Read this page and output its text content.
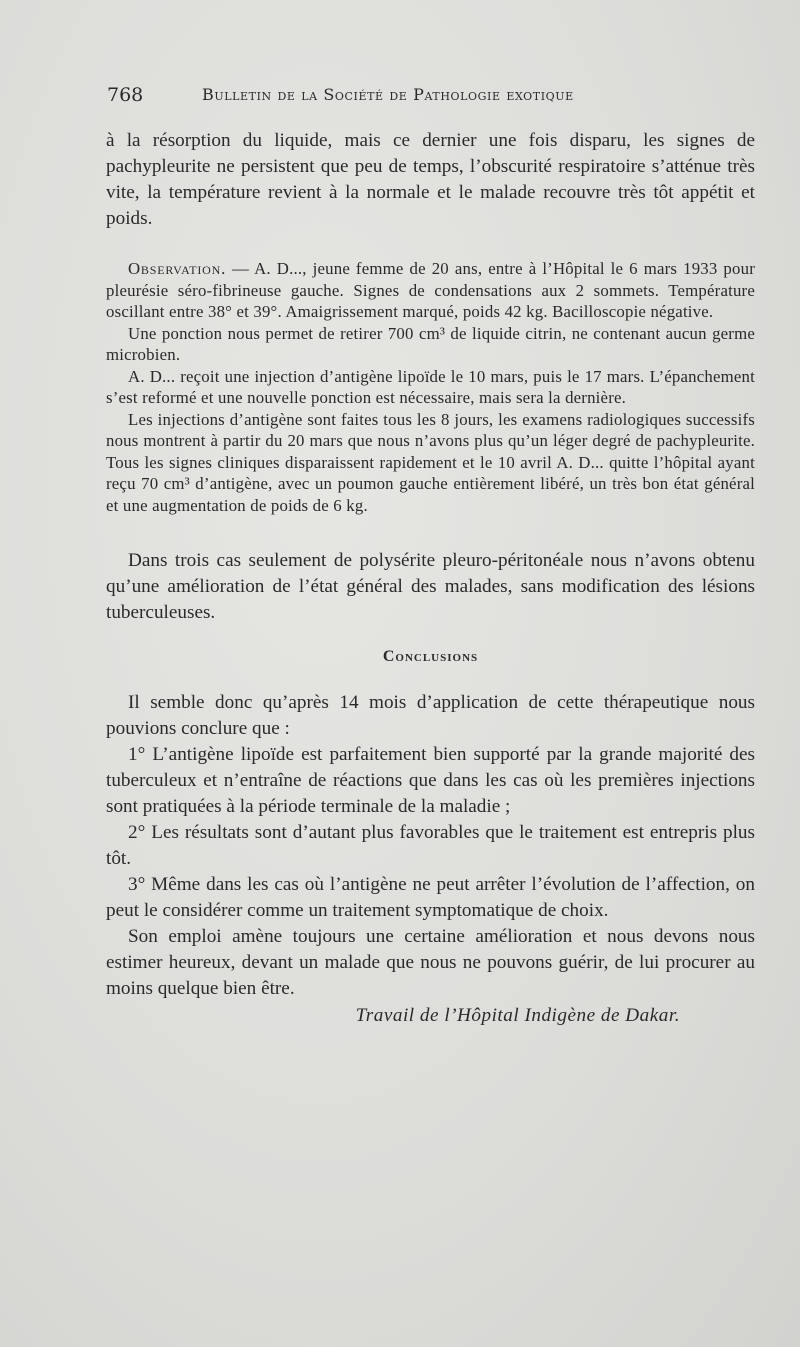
768	Bulletin de la Société de Pathologie exotique

à la résorption du liquide, mais ce dernier une fois disparu, les signes de pachypleurite ne persistent que peu de temps, l’obscurité respiratoire s’atténue très vite, la température revient à la normale et le malade recouvre très tôt appétit et poids.

Observation. — A. D..., jeune femme de 20 ans, entre à l’Hôpital le 6 mars 1933 pour pleurésie séro-fibrineuse gauche. Signes de condensations aux 2 sommets. Température oscillant entre 38° et 39°. Amaigrissement marqué, poids 42 kg. Bacilloscopie négative.

Une ponction nous permet de retirer 700 cm³ de liquide citrin, ne contenant aucun germe microbien.

A. D... reçoit une injection d’antigène lipoïde le 10 mars, puis le 17 mars. L’épanchement s’est reformé et une nouvelle ponction est nécessaire, mais sera la dernière.

Les injections d’antigène sont faites tous les 8 jours, les examens radiologiques successifs nous montrent à partir du 20 mars que nous n’avons plus qu’un léger degré de pachypleurite. Tous les signes cliniques disparaissent rapidement et le 10 avril A. D... quitte l’hôpital ayant reçu 70 cm³ d’antigène, avec un poumon gauche entièrement libéré, un très bon état général et une augmentation de poids de 6 kg.

Dans trois cas seulement de polysérite pleuro-péritonéale nous n’avons obtenu qu’une amélioration de l’état général des malades, sans modification des lésions tuberculeuses.

Conclusions

Il semble donc qu’après 14 mois d’application de cette thérapeutique nous pouvions conclure que :

1° L’antigène lipoïde est parfaitement bien supporté par la grande majorité des tuberculeux et n’entraîne de réactions que dans les cas où les premières injections sont pratiquées à la période terminale de la maladie ;

2° Les résultats sont d’autant plus favorables que le traitement est entrepris plus tôt.

3° Même dans les cas où l’antigène ne peut arrêter l’évolution de l’affection, on peut le considérer comme un traitement symptomatique de choix.

Son emploi amène toujours une certaine amélioration et nous devons nous estimer heureux, devant un malade que nous ne pouvons guérir, de lui procurer au moins quelque bien être.

Travail de l’Hôpital Indigène de Dakar.
